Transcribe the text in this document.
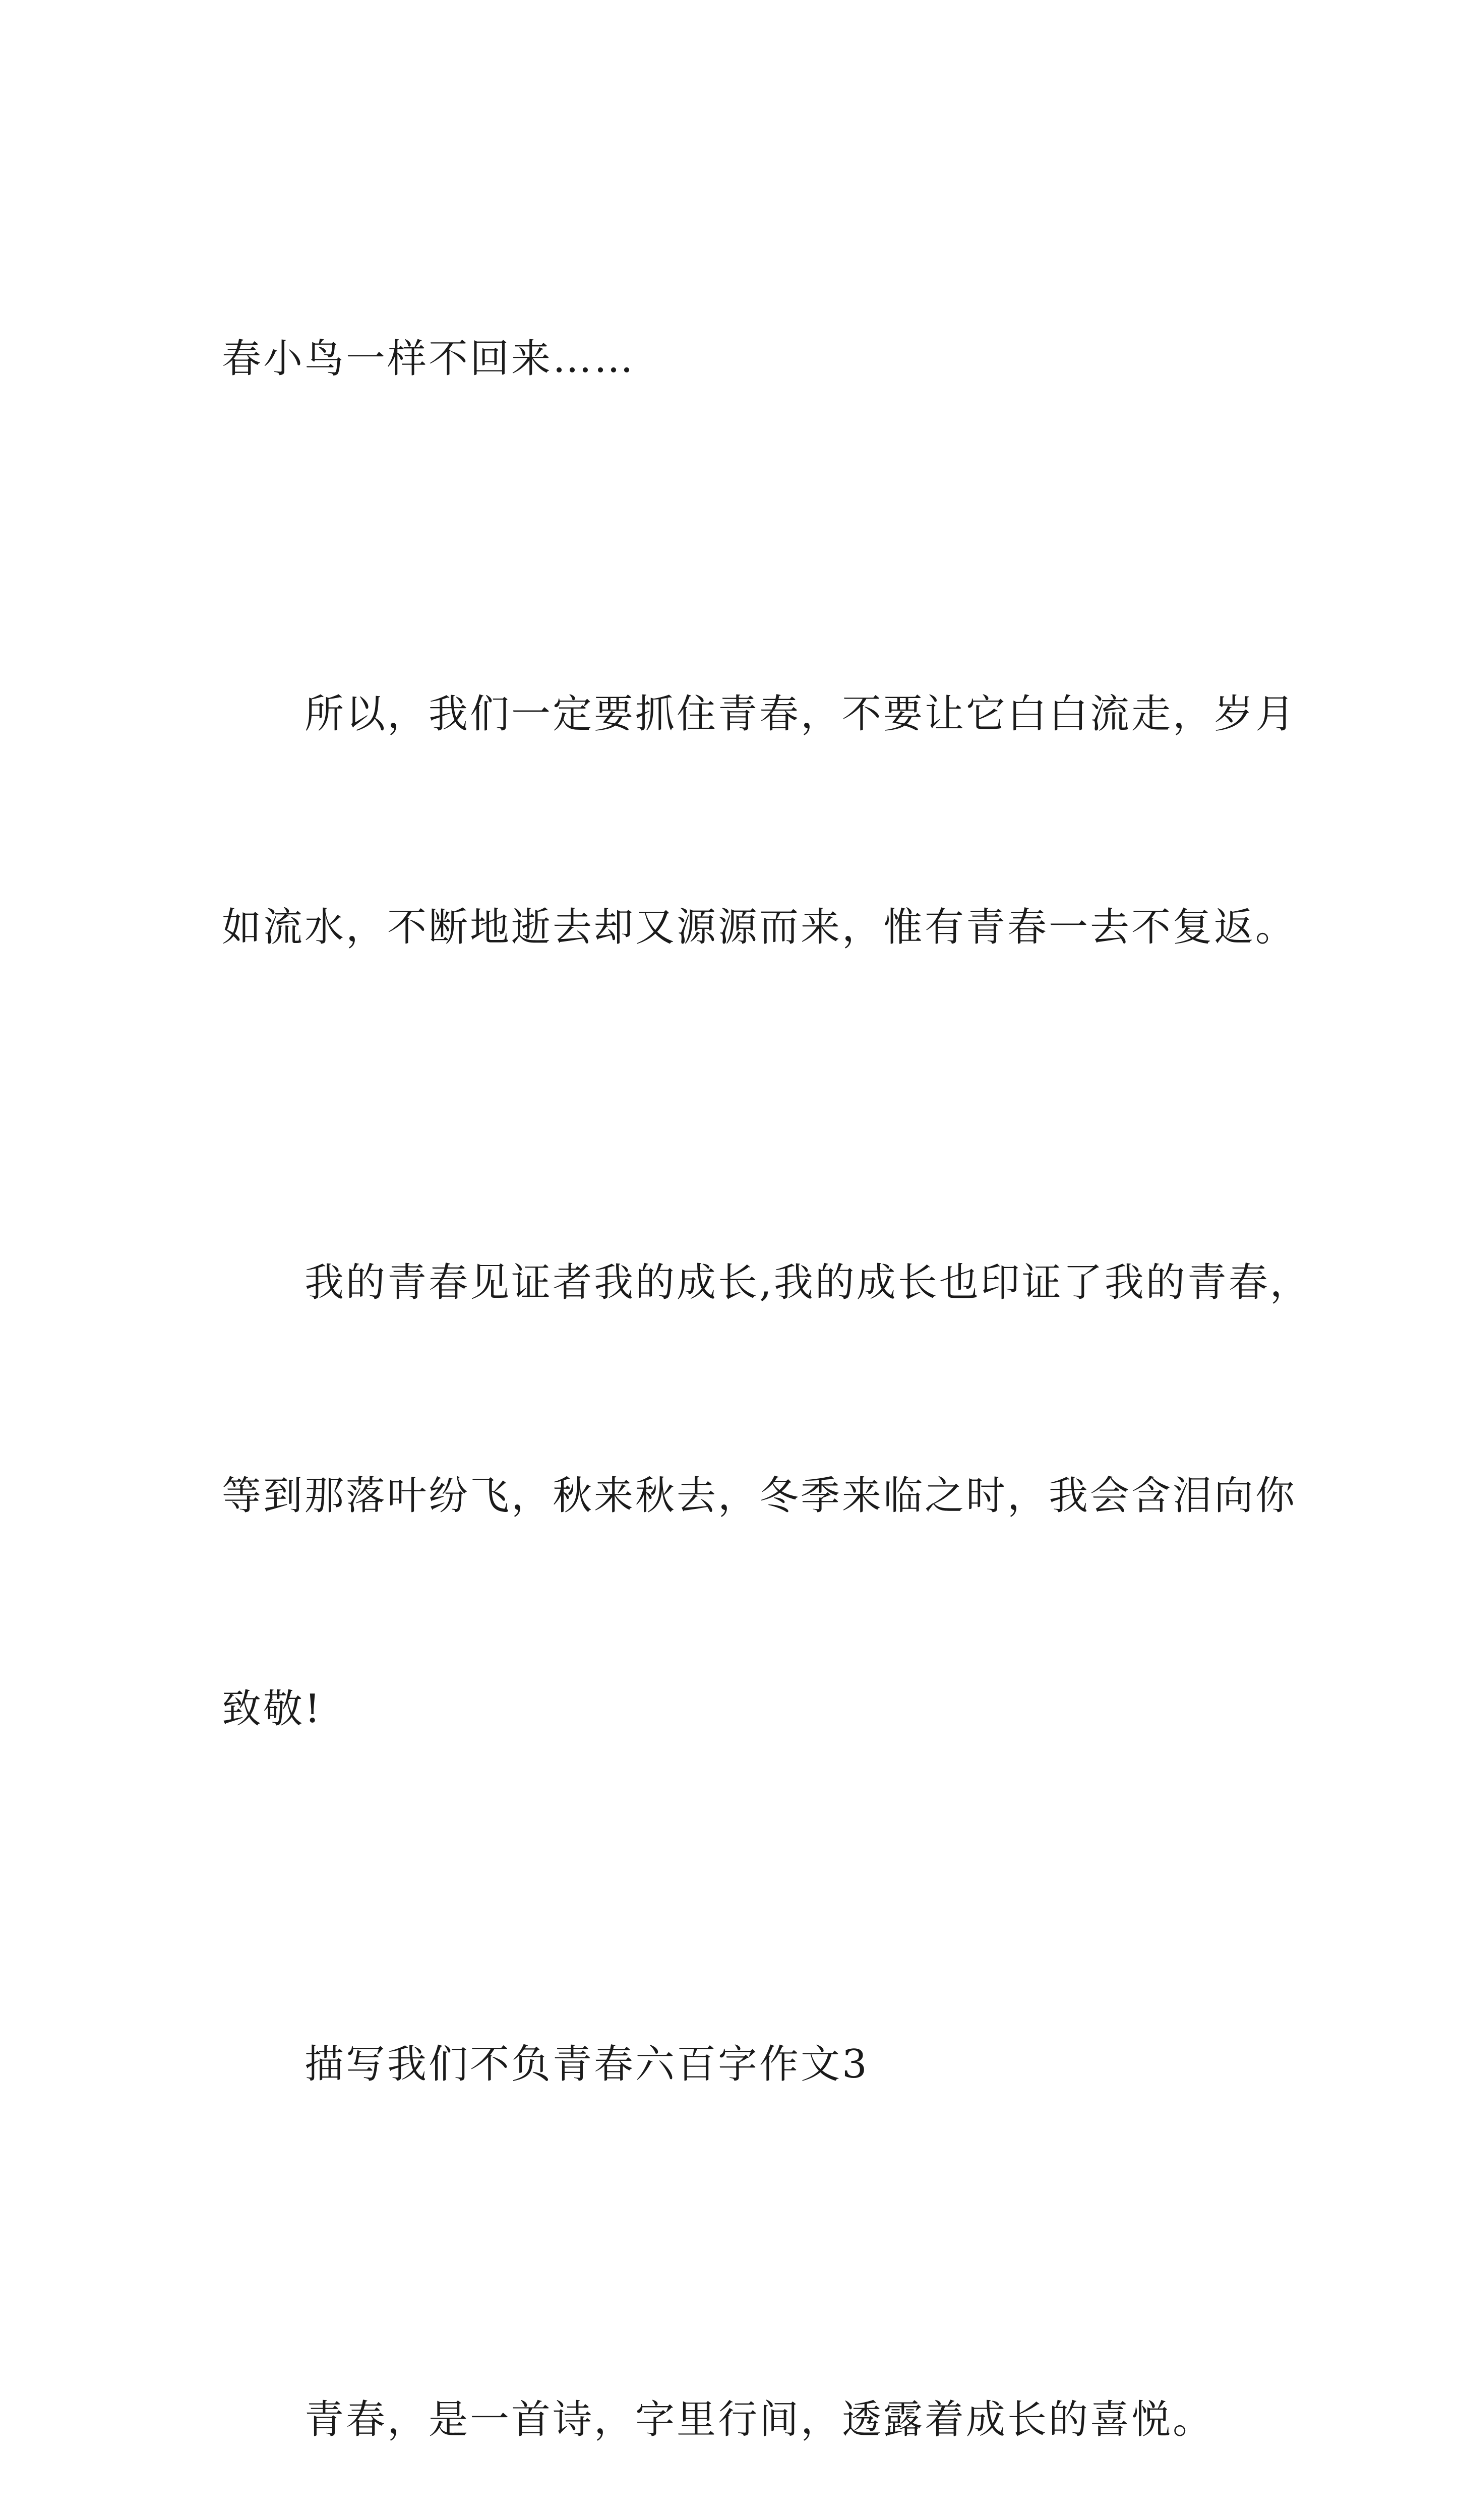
春小鸟一样不回来……

所以，我们一定要抓住青春，不要让它白白流走，岁月

如流水，不断地逝去却又源源而来，惟有青春一去不复返。

我的青春见证者我的成长,我的成长也印证了我的青春，

等到那落叶纷飞，秋来秋去，冬季来临之时，我会含泪向你

致敬!

描写我们不负青春六百字作文3

青春，是一首诗，字里行间，透露着成长的喜悦。
